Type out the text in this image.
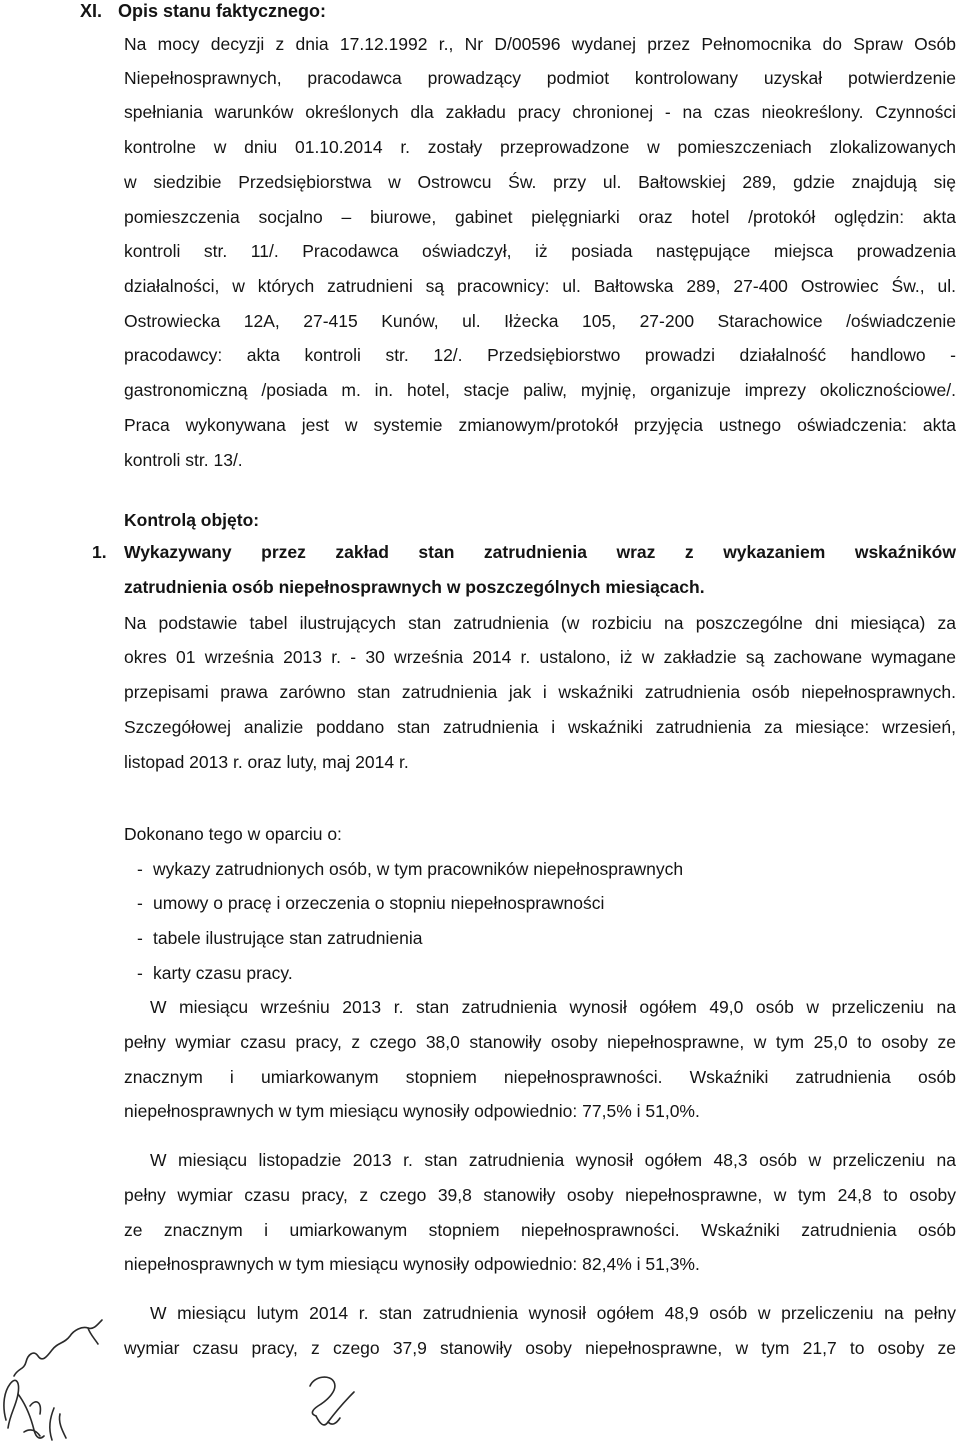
XI. Opis stanu faktycznego:
Na mocy decyzji z dnia 17.12.1992 r., Nr D/00596 wydanej przez Pełnomocnika do Spraw Osób
Niepełnosprawnych, pracodawca prowadzący podmiot kontrolowany uzyskał potwierdzenie
spełniania warunków określonych dla zakładu pracy chronionej - na czas nieokreślony. Czynności
kontrolne w dniu 01.10.2014 r. zostały przeprowadzone w pomieszczeniach zlokalizowanych
w siedzibie Przedsiębiorstwa w Ostrowcu Św. przy ul. Bałtowskiej 289, gdzie znajdują się
pomieszczenia socjalno – biurowe, gabinet pielęgniarki oraz hotel /protokół oględzin: akta
kontroli str. 11/. Pracodawca oświadczył, iż posiada następujące miejsca prowadzenia
działalności, w których zatrudnieni są pracownicy: ul. Bałtowska 289, 27-400 Ostrowiec Św., ul.
Ostrowiecka 12A, 27-415 Kunów, ul. Iłżecka 105, 27-200 Starachowice /oświadczenie
pracodawcy: akta kontroli str. 12/. Przedsiębiorstwo prowadzi działalność handlowo -
gastronomiczną /posiada m. in. hotel, stacje paliw, myjnię, organizuje imprezy okolicznościowe/.
Praca wykonywana jest w systemie zmianowym/protokół przyjęcia ustnego oświadczenia: akta
kontroli str. 13/.
Kontrolą objęto:
1. Wykazywany przez zakład stan zatrudnienia wraz z wykazaniem wskaźników
zatrudnienia osób niepełnosprawnych w poszczególnych miesiącach.
Na podstawie tabel ilustrujących stan zatrudnienia (w rozbiciu na poszczególne dni miesiąca) za
okres 01 września 2013 r. - 30 września 2014 r. ustalono, iż w zakładzie są zachowane wymagane
przepisami prawa zarówno stan zatrudnienia jak i wskaźniki zatrudnienia osób niepełnosprawnych.
Szczegółowej analizie poddano stan zatrudnienia i wskaźniki zatrudnienia za miesiące: wrzesień,
listopad 2013 r. oraz luty, maj 2014 r.
Dokonano tego w oparciu o:
- wykazy zatrudnionych osób, w tym pracowników niepełnosprawnych
- umowy o pracę i orzeczenia o stopniu niepełnosprawności
- tabele ilustrujące stan zatrudnienia
- karty czasu pracy.
W miesiącu wrześniu 2013 r. stan zatrudnienia wynosił ogółem 49,0 osób w przeliczeniu na
pełny wymiar czasu pracy, z czego 38,0 stanowiły osoby niepełnosprawne, w tym 25,0 to osoby ze
znacznym i umiarkowanym stopniem niepełnosprawności. Wskaźniki zatrudnienia osób
niepełnosprawnych w tym miesiącu wynosiły odpowiednio: 77,5% i 51,0%.
W miesiącu listopadzie 2013 r. stan zatrudnienia wynosił ogółem 48,3 osób w przeliczeniu na
pełny wymiar czasu pracy, z czego 39,8 stanowiły osoby niepełnosprawne, w tym 24,8 to osoby
ze znacznym i umiarkowanym stopniem niepełnosprawności. Wskaźniki zatrudnienia osób
niepełnosprawnych w tym miesiącu wynosiły odpowiednio: 82,4% i 51,3%.
W miesiącu lutym 2014 r. stan zatrudnienia wynosił ogółem 48,9 osób w przeliczeniu na pełny
wymiar czasu pracy, z czego 37,9 stanowiły osoby niepełnosprawne, w tym 21,7 to osoby ze
